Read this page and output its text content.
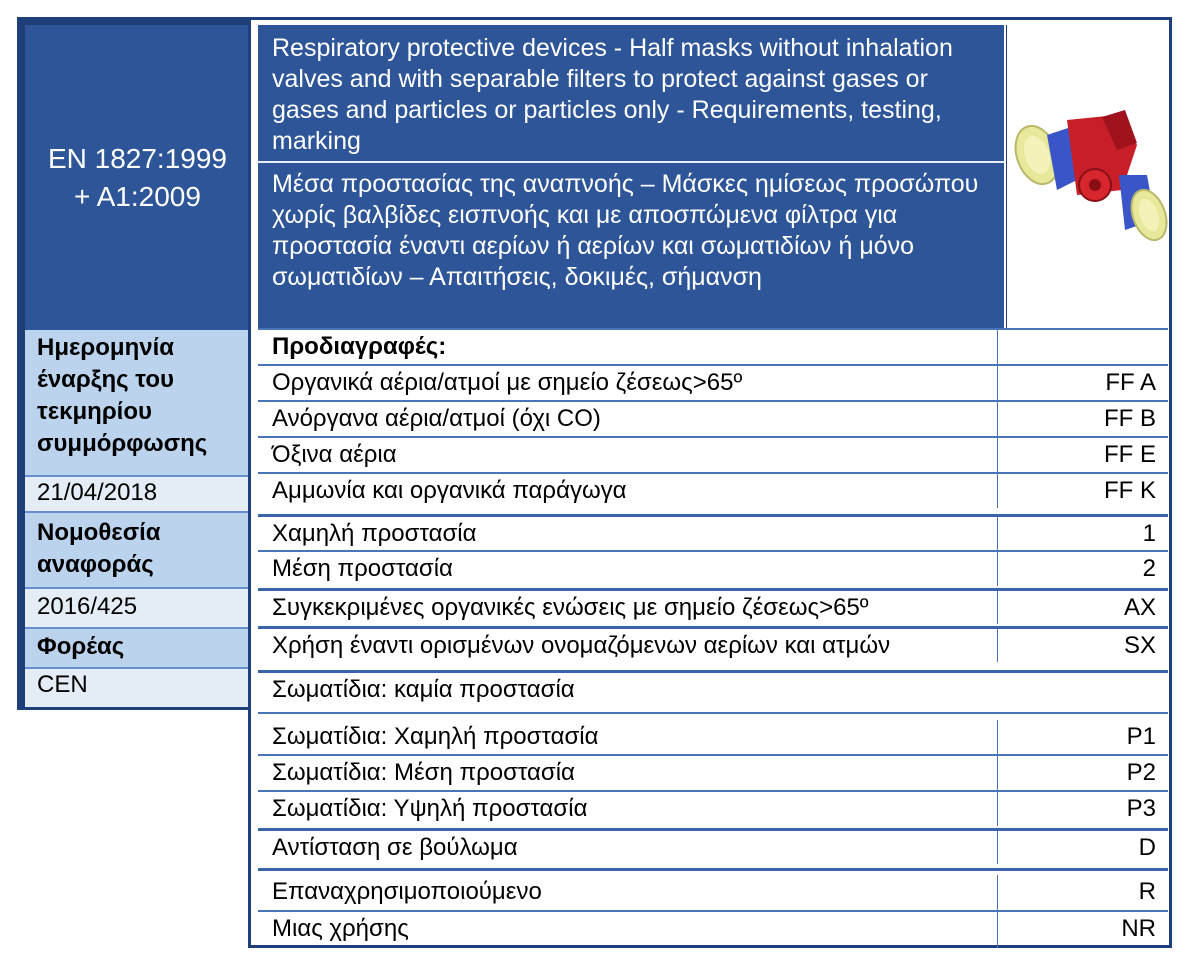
EN 1827:1999 + A1:2009
Ημερομηνία έναρξης του τεκμηρίου συμμόρφωσης
21/04/2018
Νομοθεσία αναφοράς
2016/425
Φορέας
CEN
Respiratory protective devices - Half masks without inhalation valves and with separable filters to protect against gases or gases and particles or particles only - Requirements, testing, marking
Μέσα προστασίας της αναπνοής – Μάσκες ημίσεως προσώπου χωρίς βαλβίδες εισπνοής και με αποσπώμενα φίλτρα για προστασία έναντι αερίων ή αερίων και σωματιδίων ή μόνο σωματιδίων – Απαιτήσεις, δοκιμές, σήμανση
Προδιαγραφές:
Οργανικά αέρια/ατμοί με σημείο ζέσεως>65º	FF A
Ανόργανα αέρια/ατμοί (όχι CO)	FF B
Όξινα αέρια	FF E
Αμμωνία και οργανικά παράγωγα	FF K
Χαμηλή προστασία	1
Μέση προστασία	2
Συγκεκριμένες οργανικές ενώσεις με σημείο ζέσεως>65º	AX
Χρήση έναντι ορισμένων ονομαζόμενων αερίων και ατμών	SX
Σωματίδια: καμία προστασία
Σωματίδια: Χαμηλή προστασία	P1
Σωματίδια: Μέση προστασία	P2
Σωματίδια: Υψηλή προστασία	P3
Αντίσταση σε βούλωμα	D
Επαναχρησιμοποιούμενο	R
Μιας χρήσης	NR
